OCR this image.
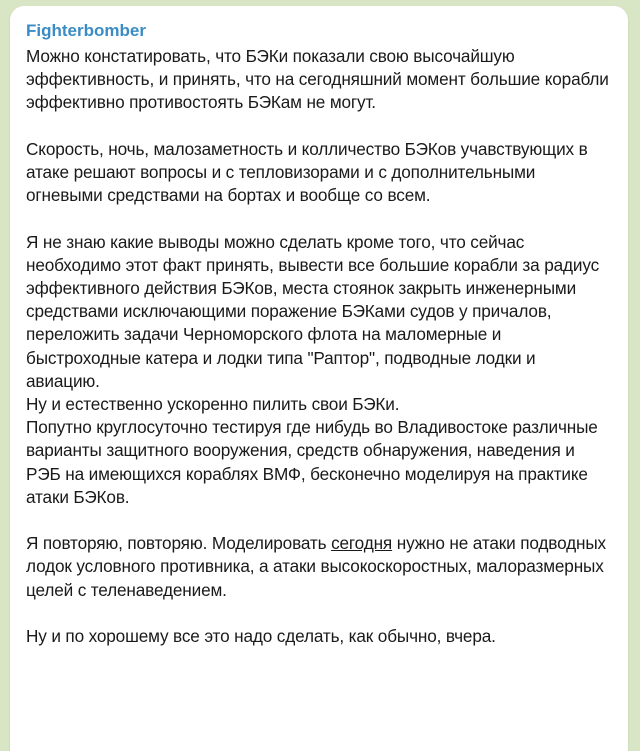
Fighterbomber

Можно констатировать, что БЭКи показали свою высочайшую эффективность, и принять, что на сегодняшний момент большие корабли эффективно противостоять БЭКам не могут.

Скорость, ночь, малозаметность и колличество БЭКов учавствующих в атаке решают вопросы и с тепловизорами и с дополнительными огневыми средствами на бортах и вообще со всем.

Я не знаю какие выводы можно сделать кроме того, что сейчас необходимо этот факт принять, вывести все большие корабли за радиус эффективного действия БЭКов, места стоянок закрыть инженерными средствами исключающими поражение БЭКами судов у причалов, переложить задачи Черноморского флота на маломерные и быстроходные катера и лодки типа "Раптор", подводные лодки и авиацию.

Ну и естественно ускоренно пилить свои БЭКи.

Попутно круглосуточно тестируя где нибудь во Владивостоке различные варианты защитного вооружения, средств обнаружения, наведения и РЭБ на имеющихся кораблях ВМФ, бесконечно моделируя на практике атаки БЭКов.

Я повторяю, повторяю. Моделировать сегодня нужно не атаки подводных лодок условного противника, а атаки высокоскоростных, малоразмерных целей с теленаведением.

Ну и по хорошему все это надо сделать, как обычно, вчера.
